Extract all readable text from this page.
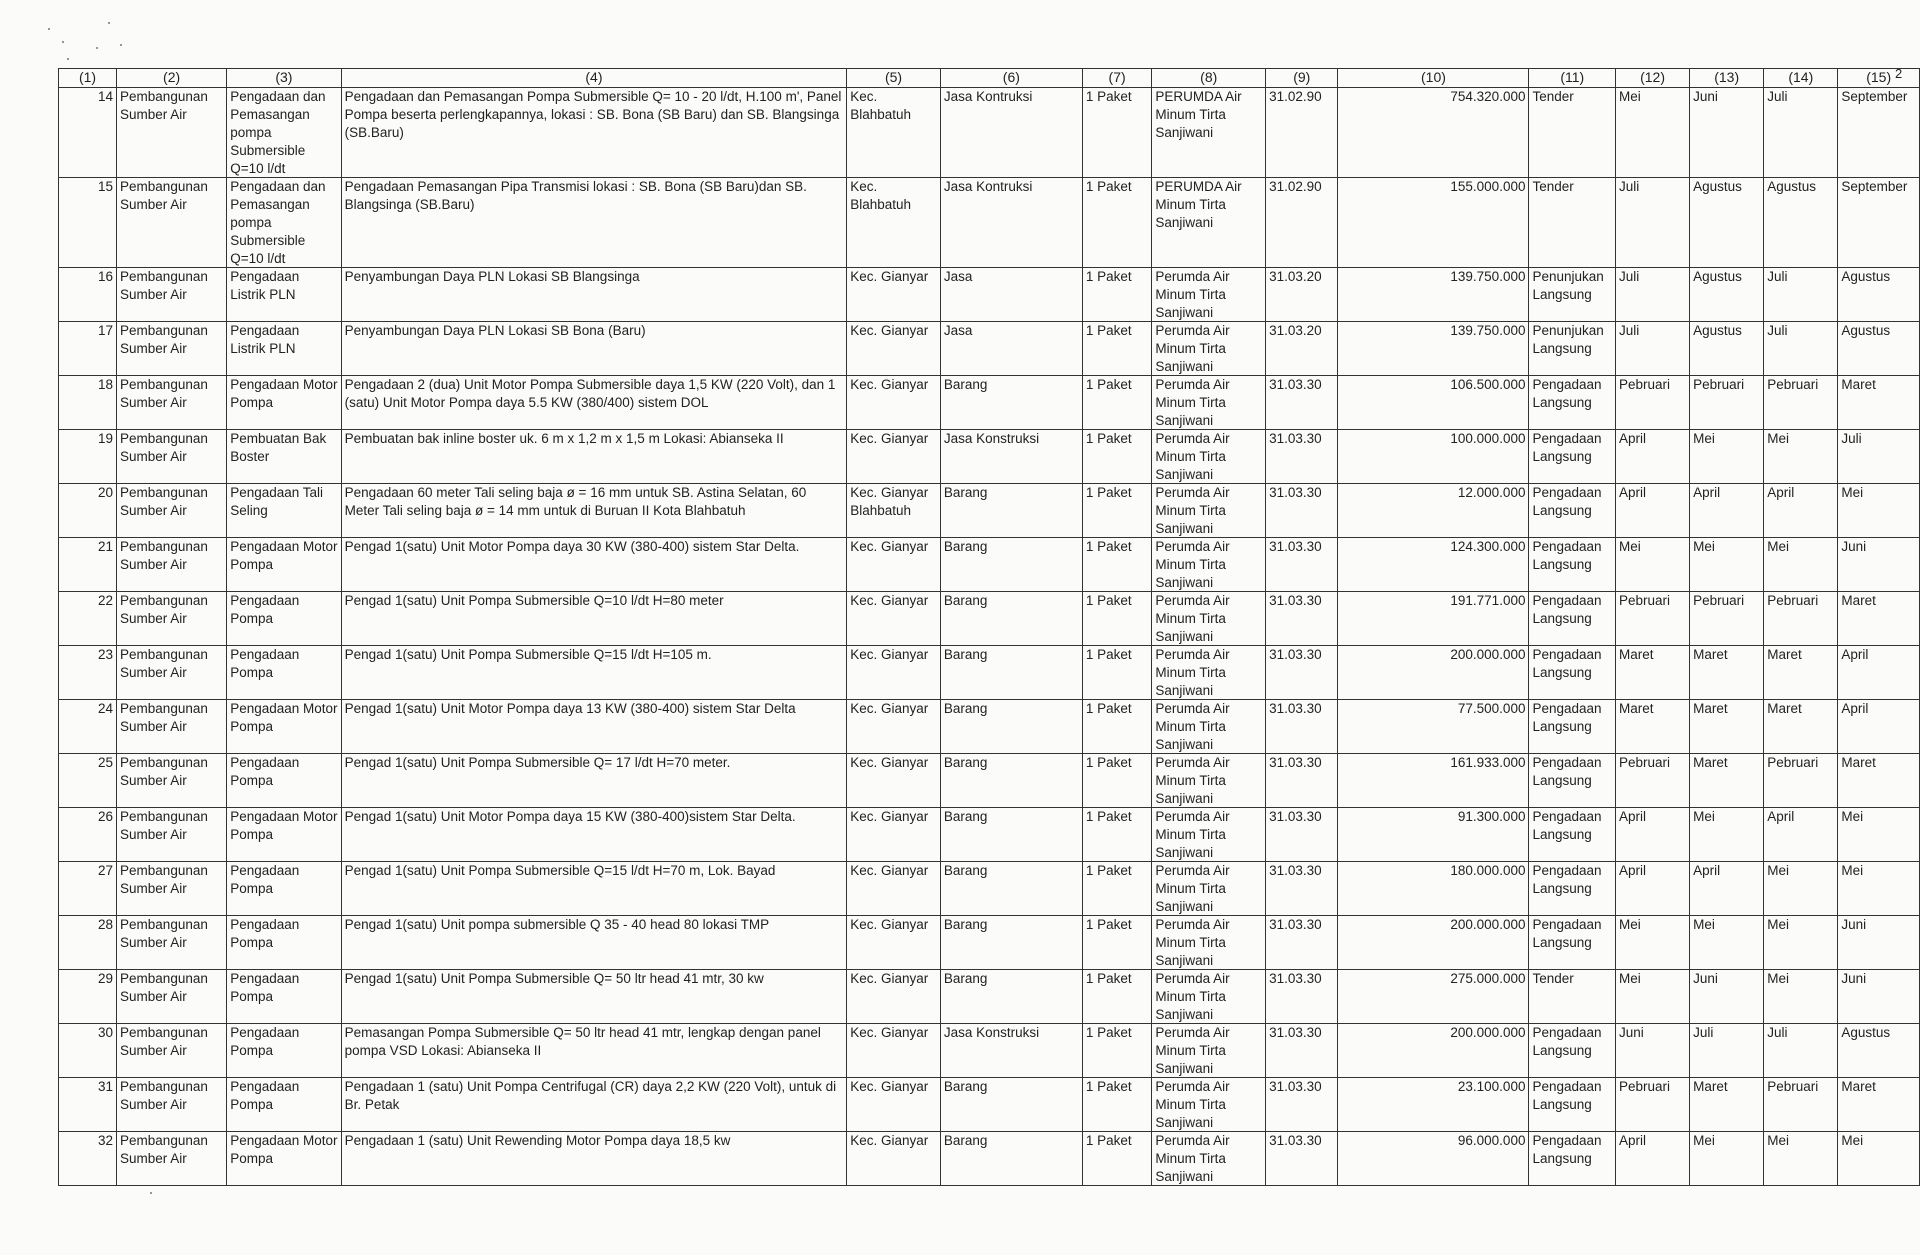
2
(1)	(2)	(3)	(4)	(5)	(6)	(7)	(8)	(9)	(10)	(11)	(12)	(13)	(14)	(15)

14	Pembangunan Sumber Air	Pengadaan dan Pemasangan pompa Submersible Q=10 l/dt	Pengadaan dan Pemasangan Pompa Submersible Q= 10 - 20 l/dt, H.100 m', Panel Pompa beserta perlengkapannya, lokasi : SB. Bona (SB Baru) dan SB. Blangsinga (SB.Baru)	Kec. Blahbatuh	Jasa Kontruksi	1 Paket	PERUMDA Air Minum Tirta Sanjiwani	31.02.90	754.320.000	Tender	Mei	Juni	Juli	September

15	Pembangunan Sumber Air	Pengadaan dan Pemasangan pompa Submersible Q=10 l/dt	Pengadaan Pemasangan Pipa Transmisi lokasi : SB. Bona (SB Baru)dan SB. Blangsinga (SB.Baru)	Kec. Blahbatuh	Jasa Kontruksi	1 Paket	PERUMDA Air Minum Tirta Sanjiwani	31.02.90	155.000.000	Tender	Juli	Agustus	Agustus	September

16	Pembangunan Sumber Air	Pengadaan Listrik PLN	Penyambungan Daya PLN Lokasi SB Blangsinga	Kec. Gianyar	Jasa	1 Paket	Perumda Air Minum Tirta Sanjiwani	31.03.20	139.750.000	Penunjukan Langsung	Juli	Agustus	Juli	Agustus

17	Pembangunan Sumber Air	Pengadaan Listrik PLN	Penyambungan Daya PLN Lokasi SB Bona (Baru)	Kec. Gianyar	Jasa	1 Paket	Perumda Air Minum Tirta Sanjiwani	31.03.20	139.750.000	Penunjukan Langsung	Juli	Agustus	Juli	Agustus

18	Pembangunan Sumber Air	Pengadaan Motor Pompa	Pengadaan 2 (dua) Unit Motor Pompa Submersible daya 1,5 KW (220 Volt), dan 1 (satu) Unit Motor Pompa daya 5.5 KW (380/400) sistem DOL	Kec. Gianyar	Barang	1 Paket	Perumda Air Minum Tirta Sanjiwani	31.03.30	106.500.000	Pengadaan Langsung	Pebruari	Pebruari	Pebruari	Maret

19	Pembangunan Sumber Air	Pembuatan Bak Boster	Pembuatan bak inline boster uk. 6 m x 1,2 m x 1,5 m Lokasi: Abianseka II	Kec. Gianyar	Jasa Konstruksi	1 Paket	Perumda Air Minum Tirta Sanjiwani	31.03.30	100.000.000	Pengadaan Langsung	April	Mei	Mei	Juli

20	Pembangunan Sumber Air	Pengadaan Tali Seling	Pengadaan 60 meter Tali seling baja ø = 16 mm untuk SB. Astina Selatan, 60 Meter Tali seling baja ø = 14 mm untuk di Buruan II Kota Blahbatuh	Kec. Gianyar Blahbatuh	Barang	1 Paket	Perumda Air Minum Tirta Sanjiwani	31.03.30	12.000.000	Pengadaan Langsung	April	April	April	Mei

21	Pembangunan Sumber Air	Pengadaan Motor Pompa	Pengad 1(satu) Unit Motor Pompa daya 30 KW (380-400) sistem Star Delta.	Kec. Gianyar	Barang	1 Paket	Perumda Air Minum Tirta Sanjiwani	31.03.30	124.300.000	Pengadaan Langsung	Mei	Mei	Mei	Juni

22	Pembangunan Sumber Air	Pengadaan Pompa	Pengad 1(satu) Unit Pompa Submersible Q=10 l/dt H=80 meter	Kec. Gianyar	Barang	1 Paket	Perumda Air Minum Tirta Sanjiwani	31.03.30	191.771.000	Pengadaan Langsung	Pebruari	Pebruari	Pebruari	Maret

23	Pembangunan Sumber Air	Pengadaan Pompa	Pengad 1(satu) Unit Pompa Submersible Q=15 l/dt H=105 m.	Kec. Gianyar	Barang	1 Paket	Perumda Air Minum Tirta Sanjiwani	31.03.30	200.000.000	Pengadaan Langsung	Maret	Maret	Maret	April

24	Pembangunan Sumber Air	Pengadaan Motor Pompa	Pengad 1(satu) Unit Motor Pompa daya 13 KW (380-400) sistem Star Delta	Kec. Gianyar	Barang	1 Paket	Perumda Air Minum Tirta Sanjiwani	31.03.30	77.500.000	Pengadaan Langsung	Maret	Maret	Maret	April

25	Pembangunan Sumber Air	Pengadaan Pompa	Pengad 1(satu) Unit Pompa Submersible Q= 17 l/dt H=70 meter.	Kec. Gianyar	Barang	1 Paket	Perumda Air Minum Tirta Sanjiwani	31.03.30	161.933.000	Pengadaan Langsung	Pebruari	Maret	Pebruari	Maret

26	Pembangunan Sumber Air	Pengadaan Motor Pompa	Pengad 1(satu) Unit Motor Pompa daya 15 KW (380-400)sistem Star Delta.	Kec. Gianyar	Barang	1 Paket	Perumda Air Minum Tirta Sanjiwani	31.03.30	91.300.000	Pengadaan Langsung	April	Mei	April	Mei

27	Pembangunan Sumber Air	Pengadaan Pompa	Pengad 1(satu) Unit Pompa Submersible Q=15 l/dt H=70 m, Lok. Bayad	Kec. Gianyar	Barang	1 Paket	Perumda Air Minum Tirta Sanjiwani	31.03.30	180.000.000	Pengadaan Langsung	April	April	Mei	Mei

28	Pembangunan Sumber Air	Pengadaan Pompa	Pengad 1(satu) Unit pompa submersible Q 35 - 40 head 80 lokasi TMP	Kec. Gianyar	Barang	1 Paket	Perumda Air Minum Tirta Sanjiwani	31.03.30	200.000.000	Pengadaan Langsung	Mei	Mei	Mei	Juni

29	Pembangunan Sumber Air	Pengadaan Pompa	Pengad 1(satu) Unit Pompa Submersible Q= 50 ltr head 41 mtr, 30 kw	Kec. Gianyar	Barang	1 Paket	Perumda Air Minum Tirta Sanjiwani	31.03.30	275.000.000	Tender	Mei	Juni	Mei	Juni

30	Pembangunan Sumber Air	Pengadaan Pompa	Pemasangan Pompa Submersible Q= 50 ltr head 41 mtr, lengkap dengan panel pompa VSD Lokasi: Abianseka II	Kec. Gianyar	Jasa Konstruksi	1 Paket	Perumda Air Minum Tirta Sanjiwani	31.03.30	200.000.000	Pengadaan Langsung	Juni	Juli	Juli	Agustus

31	Pembangunan Sumber Air	Pengadaan Pompa	Pengadaan 1 (satu) Unit Pompa Centrifugal (CR) daya 2,2 KW (220 Volt), untuk di Br. Petak	Kec. Gianyar	Barang	1 Paket	Perumda Air Minum Tirta Sanjiwani	31.03.30	23.100.000	Pengadaan Langsung	Pebruari	Maret	Pebruari	Maret

32	Pembangunan Sumber Air	Pengadaan Motor Pompa	Pengadaan 1 (satu) Unit Rewending Motor Pompa daya 18,5 kw	Kec. Gianyar	Barang	1 Paket	Perumda Air Minum Tirta Sanjiwani	31.03.30	96.000.000	Pengadaan Langsung	April	Mei	Mei	Mei
